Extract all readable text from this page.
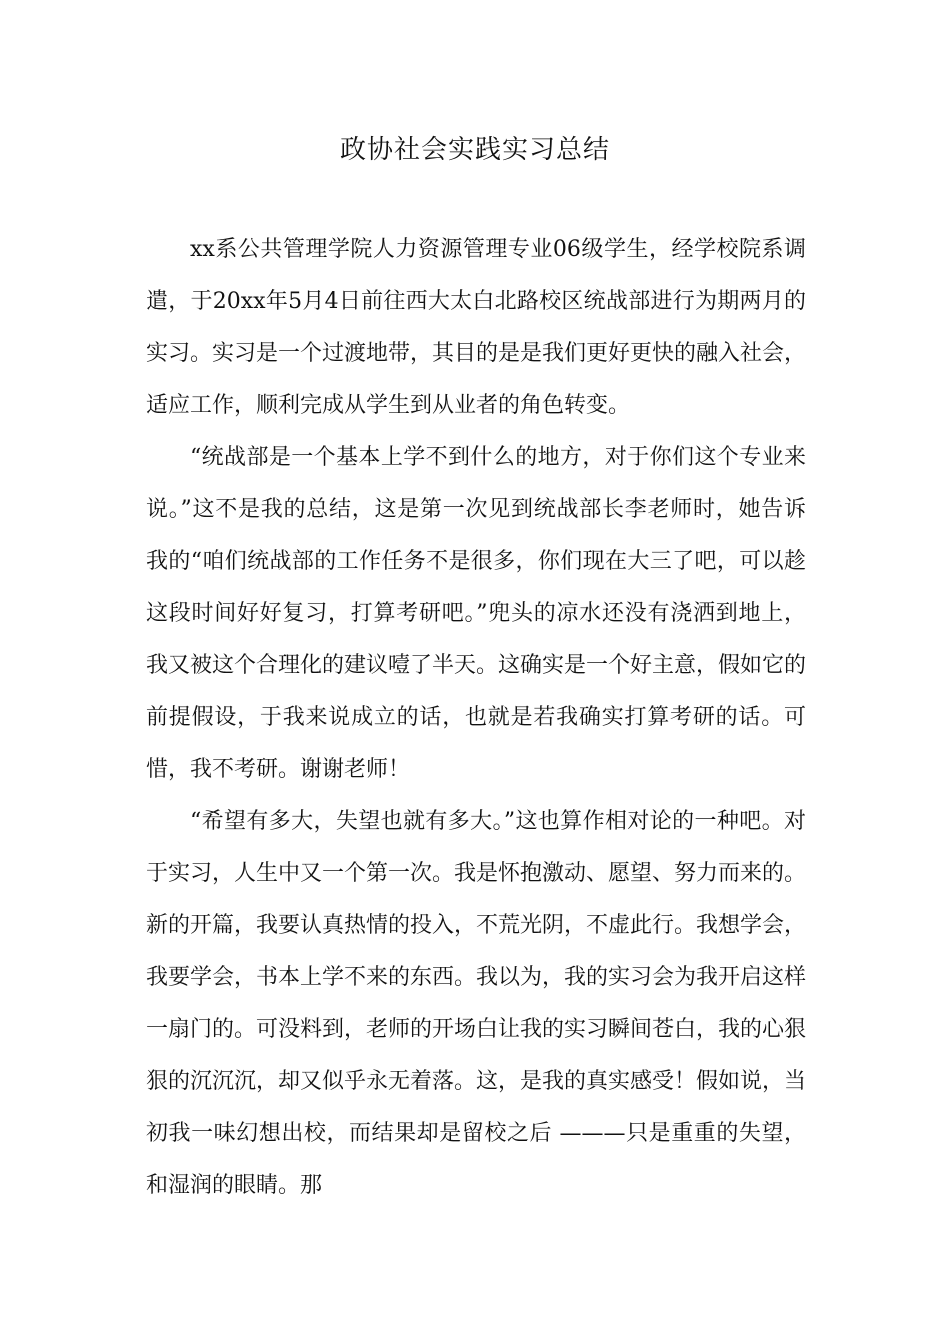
政协社会实践实习总结

xx系公共管理学院人力资源管理专业06级学生，经学校院系调遣，于20xx年5月4日前往西大太白北路校区统战部进行为期两月的实习。实习是一个过渡地带，其目的是是我们更好更快的融入社会，适应工作，顺利完成从学生到从业者的角色转变。

“统战部是一个基本上学不到什么的地方，对于你们这个专业来说。”这不是我的总结，这是第一次见到统战部长李老师时，她告诉我的“咱们统战部的工作任务不是很多，你们现在大三了吧，可以趁这段时间好好复习，打算考研吧。”兜头的凉水还没有浇洒到地上，我又被这个合理化的建议噎了半天。这确实是一个好主意，假如它的前提假设，于我来说成立的话，也就是若我确实打算考研的话。可惜，我不考研。谢谢老师！

“希望有多大，失望也就有多大。”这也算作相对论的一种吧。对于实习，人生中又一个第一次。我是怀抱激动、愿望、努力而来的。新的开篇，我要认真热情的投入，不荒光阴，不虚此行。我想学会，我要学会，书本上学不来的东西。我以为，我的实习会为我开启这样一扇门的。可没料到，老师的开场白让我的实习瞬间苍白，我的心狠狠的沉沉沉，却又似乎永无着落。这，是我的真实感受！假如说，当初我一味幻想出校，而结果却是留校之后 ———只是重重的失望，和湿润的眼睛。那
